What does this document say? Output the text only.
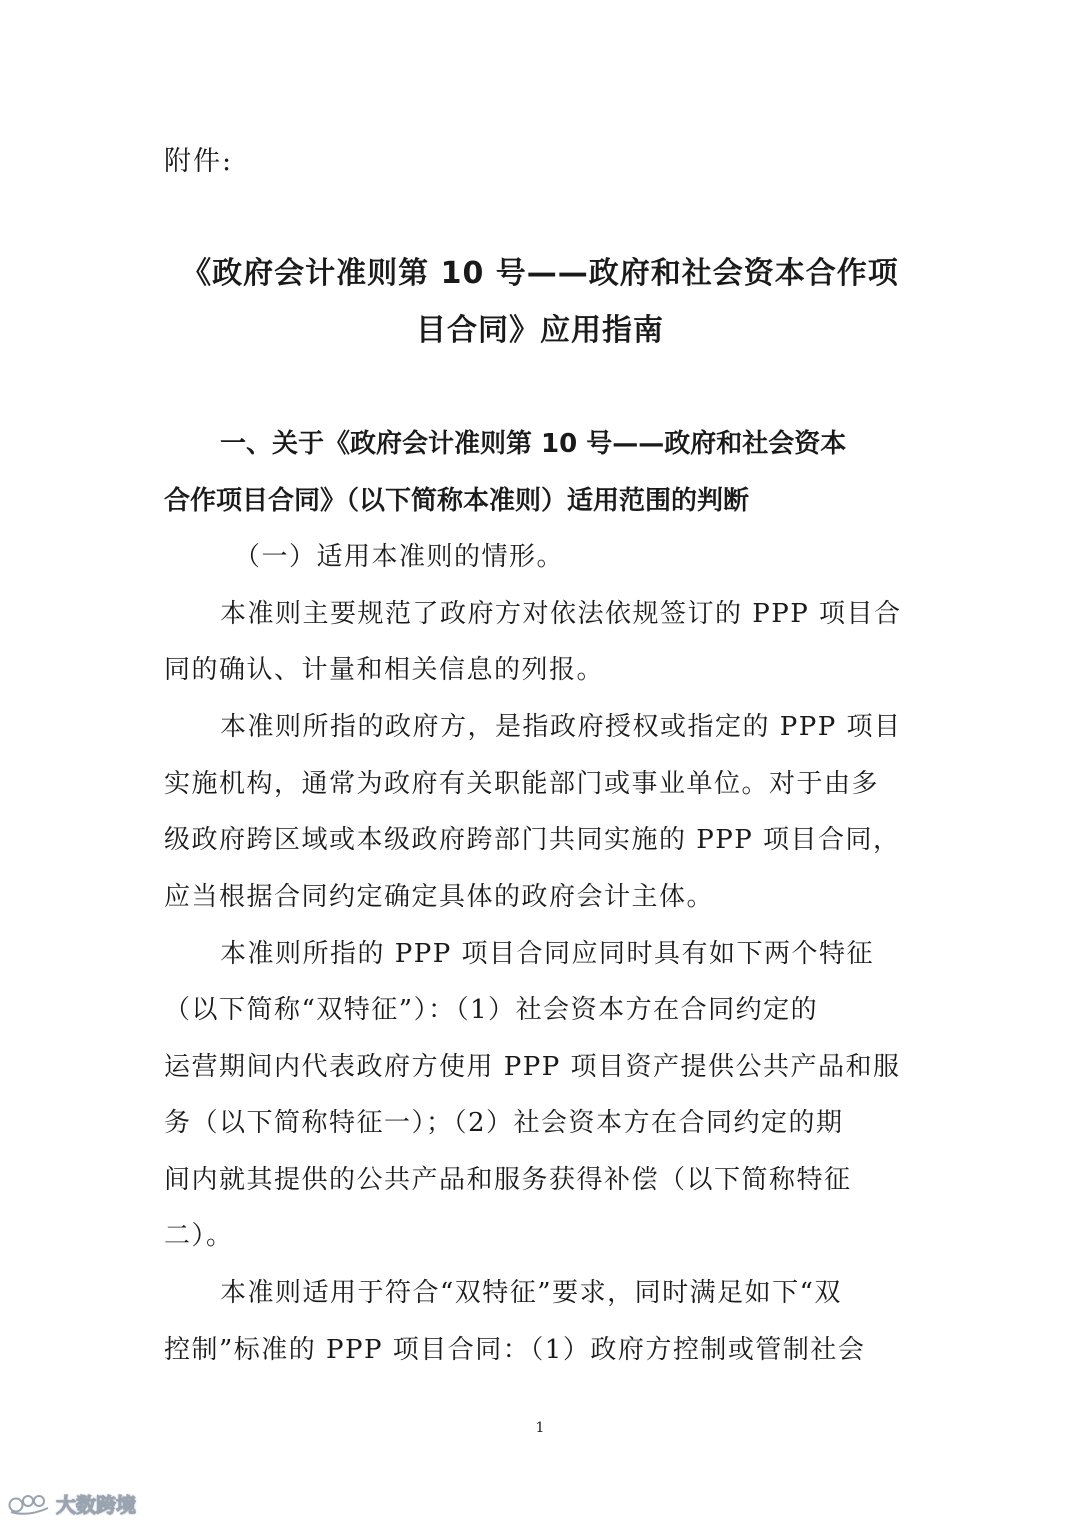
附件:
《政府会计准则第 10 号——政府和社会资本合作项
目合同》应用指南
一、关于《政府会计准则第 10 号——政府和社会资本
合作项目合同》（以下简称本准则）适用范围的判断
（一）适用本准则的情形。
本准则主要规范了政府方对依法依规签订的 PPP 项目合
同的确认、计量和相关信息的列报。
本准则所指的政府方，是指政府授权或指定的 PPP 项目
实施机构，通常为政府有关职能部门或事业单位。对于由多
级政府跨区域或本级政府跨部门共同实施的 PPP 项目合同，
应当根据合同约定确定具体的政府会计主体。
本准则所指的 PPP 项目合同应同时具有如下两个特征
（以下简称“双特征”）：（1）社会资本方在合同约定的
运营期间内代表政府方使用 PPP 项目资产提供公共产品和服
务（以下简称特征一）；（2）社会资本方在合同约定的期
间内就其提供的公共产品和服务获得补偿（以下简称特征
二）。
本准则适用于符合“双特征”要求，同时满足如下“双
控制”标准的 PPP 项目合同：（1）政府方控制或管制社会
1
大数跨境
